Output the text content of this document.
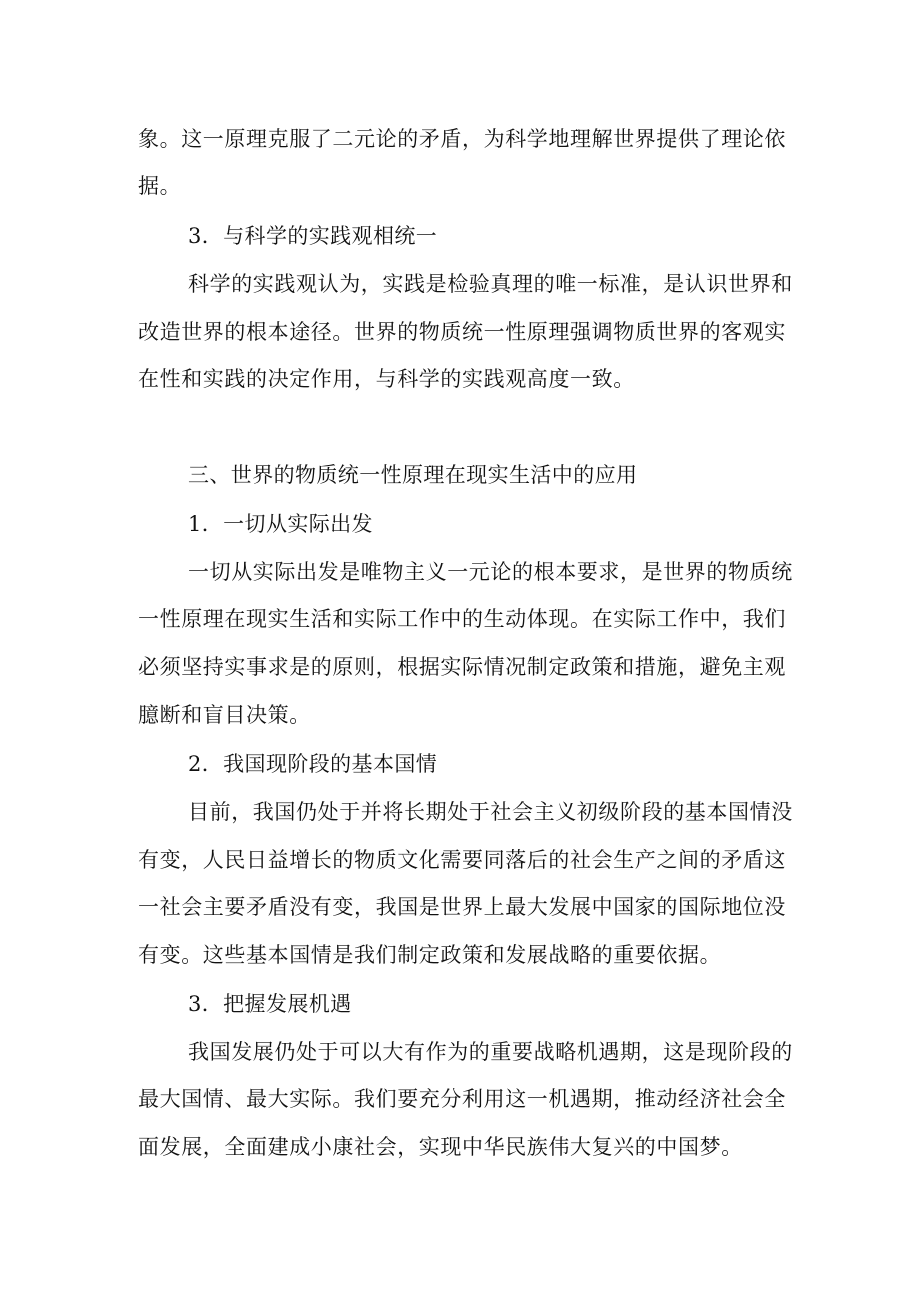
象。这一原理克服了二元论的矛盾，为科学地理解世界提供了理论依
据。
3．与科学的实践观相统一
科学的实践观认为，实践是检验真理的唯一标准，是认识世界和
改造世界的根本途径。世界的物质统一性原理强调物质世界的客观实
在性和实践的决定作用，与科学的实践观高度一致。
三、世界的物质统一性原理在现实生活中的应用
1．一切从实际出发
一切从实际出发是唯物主义一元论的根本要求，是世界的物质统
一性原理在现实生活和实际工作中的生动体现。在实际工作中，我们
必须坚持实事求是的原则，根据实际情况制定政策和措施，避免主观
臆断和盲目决策。
2．我国现阶段的基本国情
目前，我国仍处于并将长期处于社会主义初级阶段的基本国情没
有变，人民日益增长的物质文化需要同落后的社会生产之间的矛盾这
一社会主要矛盾没有变，我国是世界上最大发展中国家的国际地位没
有变。这些基本国情是我们制定政策和发展战略的重要依据。
3．把握发展机遇
我国发展仍处于可以大有作为的重要战略机遇期，这是现阶段的
最大国情、最大实际。我们要充分利用这一机遇期，推动经济社会全
面发展，全面建成小康社会，实现中华民族伟大复兴的中国梦。
